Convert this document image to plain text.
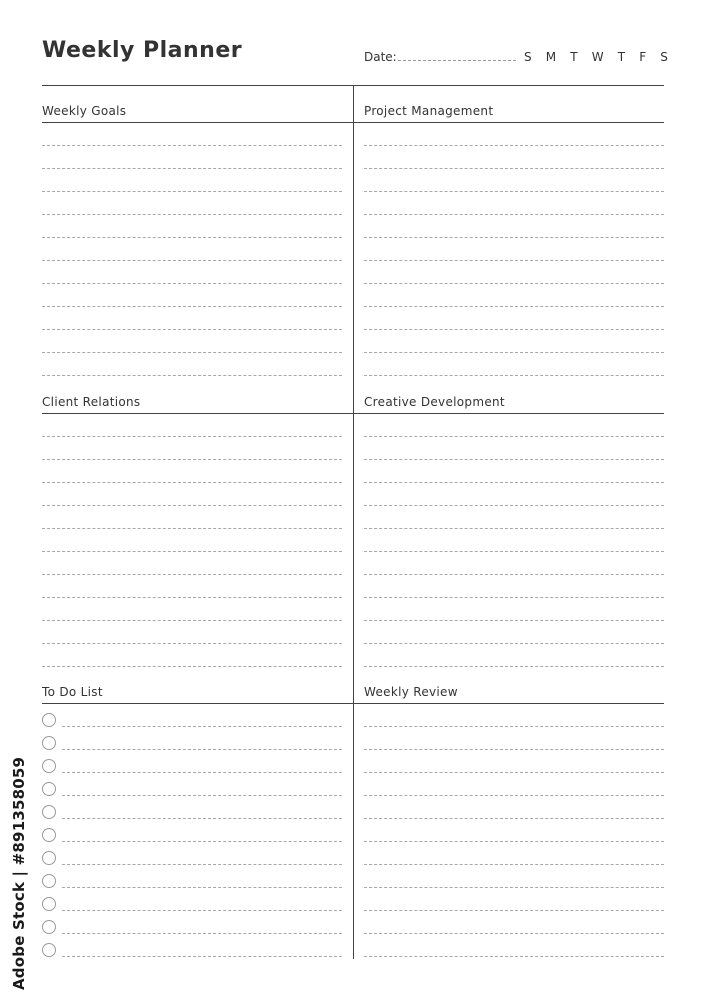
Weekly Planner	Date:	S M T W T F S
Weekly Goals	Project Management
Client Relations	Creative Development
To Do List	Weekly Review
Adobe Stock | #891358059
